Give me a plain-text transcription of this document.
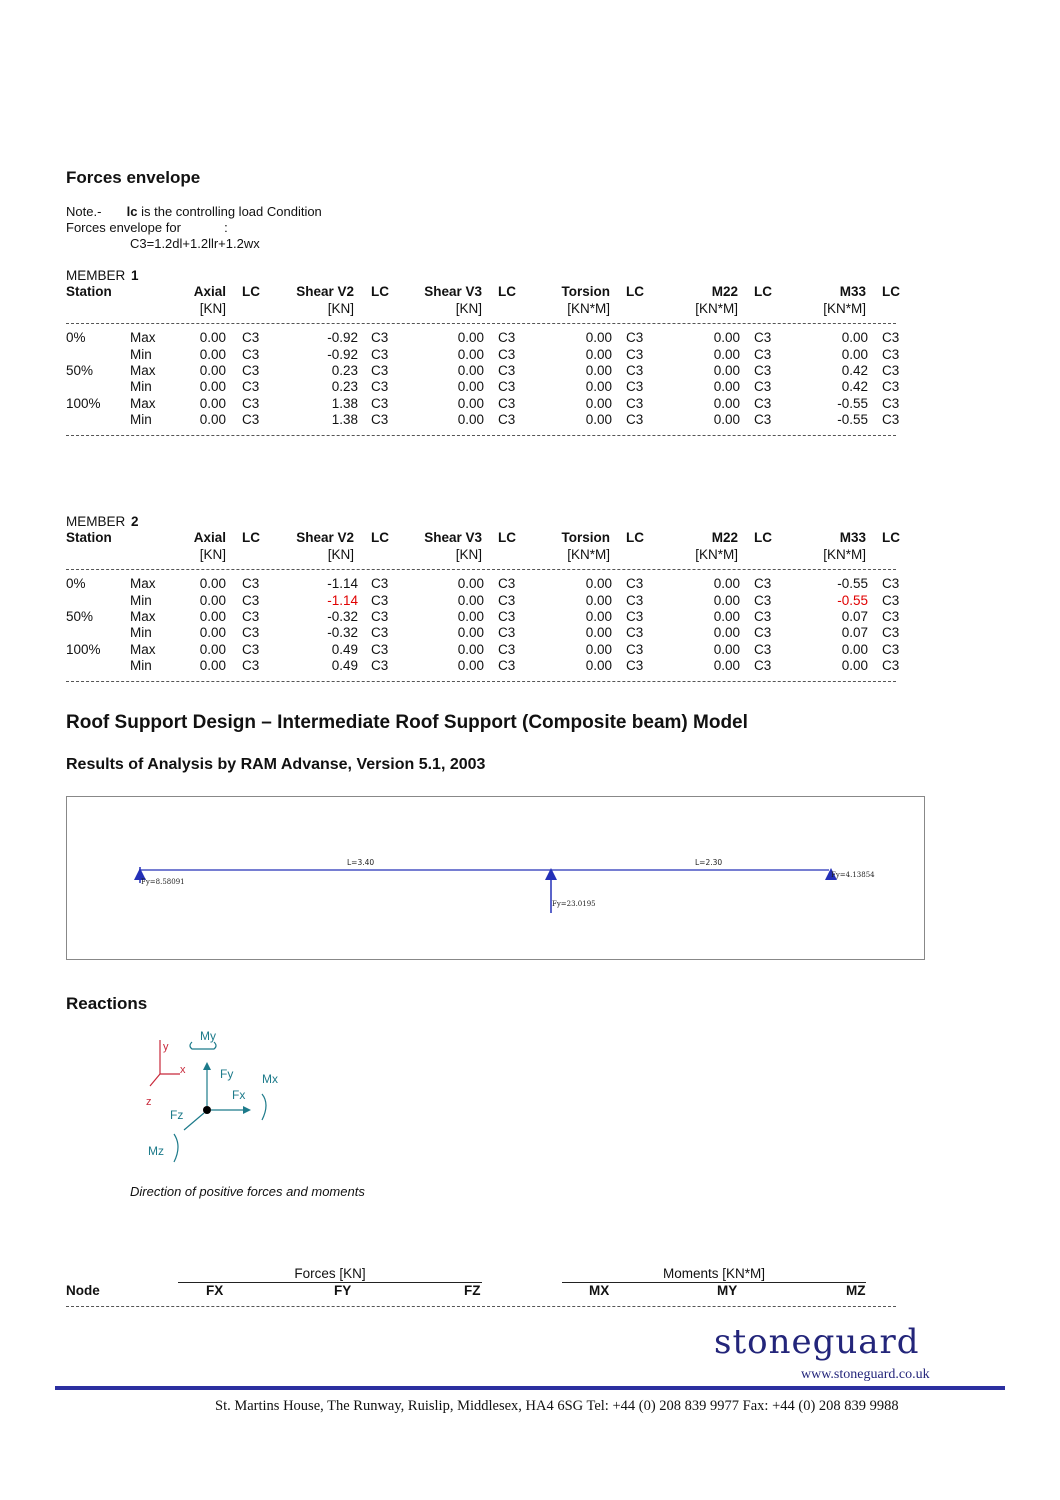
Forces envelope
Note.- lc is the controlling load Condition
Forces envelope for	:
C3=1.2dl+1.2llr+1.2wx
MEMBER 1
Station	Axial LC	Shear V2 LC	Shear V3 LC	Torsion LC	M22 LC	M33 LC
[KN]	[KN]	[KN]	[KN*M]	[KN*M]	[KN*M]
0%	Max	0.00 C3	-0.92 C3	0.00 C3	0.00 C3	0.00 C3	0.00 C3
Min	0.00 C3	-0.92 C3	0.00 C3	0.00 C3	0.00 C3	0.00 C3
50%	Max	0.00 C3	0.23 C3	0.00 C3	0.00 C3	0.00 C3	0.42 C3
Min	0.00 C3	0.23 C3	0.00 C3	0.00 C3	0.00 C3	0.42 C3
100% Max	0.00 C3	1.38 C3	0.00 C3	0.00 C3	0.00 C3	-0.55 C3
Min	0.00 C3	1.38 C3	0.00 C3	0.00 C3	0.00 C3	-0.55 C3
MEMBER 2
Station	Axial LC	Shear V2 LC	Shear V3 LC	Torsion LC	M22 LC	M33 LC
[KN]	[KN]	[KN]	[KN*M]	[KN*M]	[KN*M]
0%	Max	0.00 C3	-1.14 C3	0.00 C3	0.00 C3	0.00 C3	-0.55 C3
Min	0.00 C3	-1.14 C3	0.00 C3	0.00 C3	0.00 C3	-0.55 C3
50%	Max	0.00 C3	-0.32 C3	0.00 C3	0.00 C3	0.00 C3	0.07 C3
Min	0.00 C3	-0.32 C3	0.00 C3	0.00 C3	0.00 C3	0.07 C3
100% Max	0.00 C3	0.49 C3	0.00 C3	0.00 C3	0.00 C3	0.00 C3
Min	0.00 C3	0.49 C3	0.00 C3	0.00 C3	0.00 C3	0.00 C3
Roof Support Design – Intermediate Roof Support (Composite beam) Model
Results of Analysis by RAM Advanse, Version 5.1, 2003
L=3.40	L=2.30
Fy=8.58091
Fy=23.0195
Fy=4.13854
Reactions
y
x
z
My
Fy Mx
Fx
Fz
Mz
Direction of positive forces and moments
Forces [KN]	Moments [KN*M]
Node	FX	FY	FZ	MX	MY	MZ
stoneguard
www.stoneguard.co.uk
St. Martins House, The Runway, Ruislip, Middlesex, HA4 6SG Tel: +44 (0) 208 839 9977 Fax: +44 (0) 208 839 9988
